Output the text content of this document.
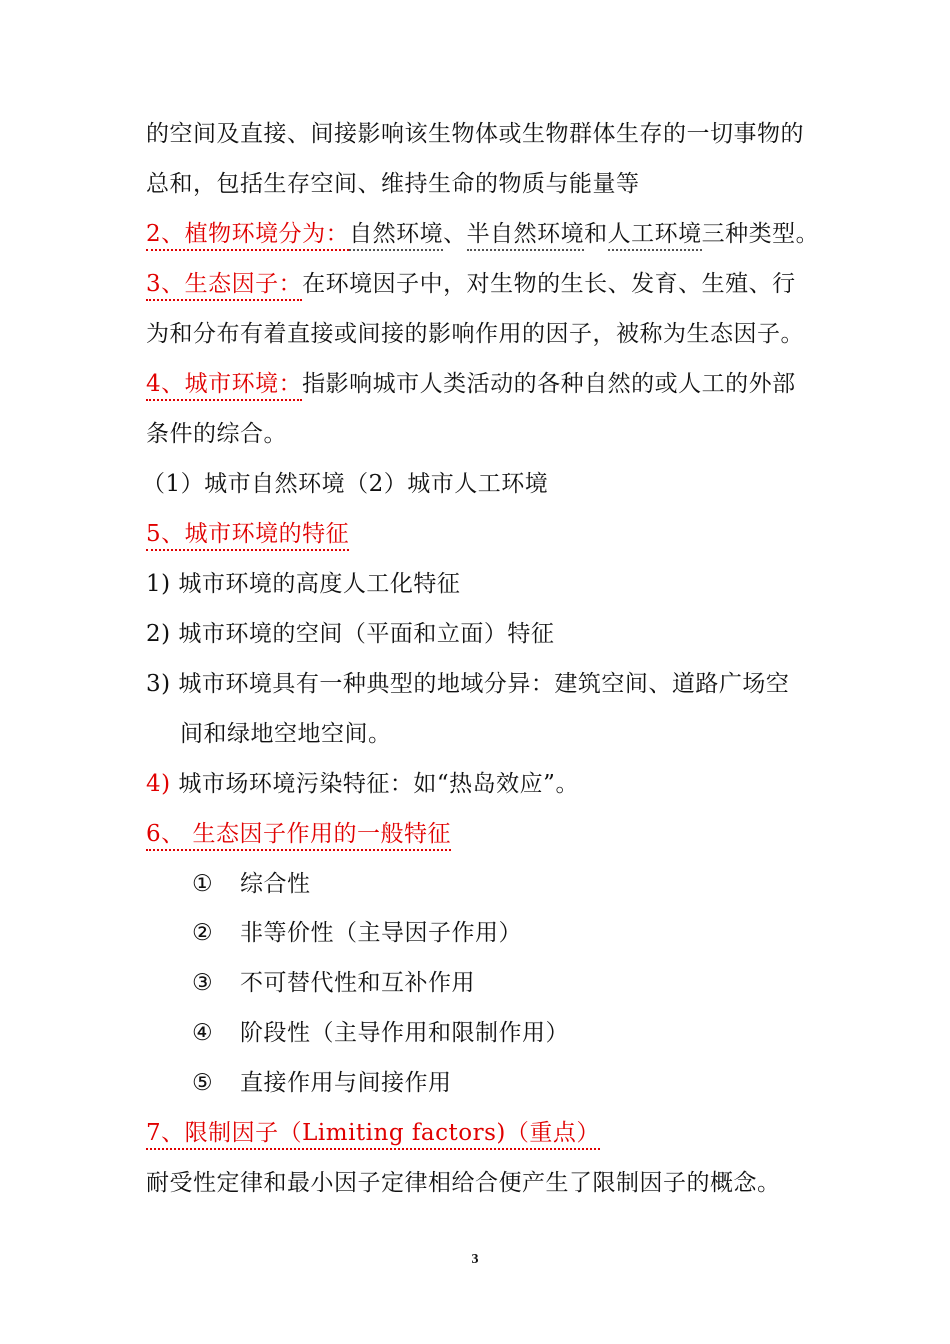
的空间及直接、间接影响该生物体或生物群体生存的一切事物的
总和，包括生存空间、维持生命的物质与能量等
2、植物环境分为：自然环境、半自然环境和人工环境三种类型。
3、生态因子：在环境因子中，对生物的生长、发育、生殖、行
为和分布有着直接或间接的影响作用的因子，被称为生态因子。
4、城市环境：指影响城市人类活动的各种自然的或人工的外部
条件的综合。
（1）城市自然环境（2）城市人工环境
5、城市环境的特征
1) 城市环境的高度人工化特征
2) 城市环境的空间（平面和立面）特征
3) 城市环境具有一种典型的地域分异：建筑空间、道路广场空
间和绿地空地空间。
4) 城市场环境污染特征：如“热岛效应”。
6、 生态因子作用的一般特征
① 综合性
② 非等价性（主导因子作用）
③ 不可替代性和互补作用
④ 阶段性（主导作用和限制作用）
⑤ 直接作用与间接作用
7、限制因子（Limiting factors)（重点）
耐受性定律和最小因子定律相给合便产生了限制因子的概念。
3
